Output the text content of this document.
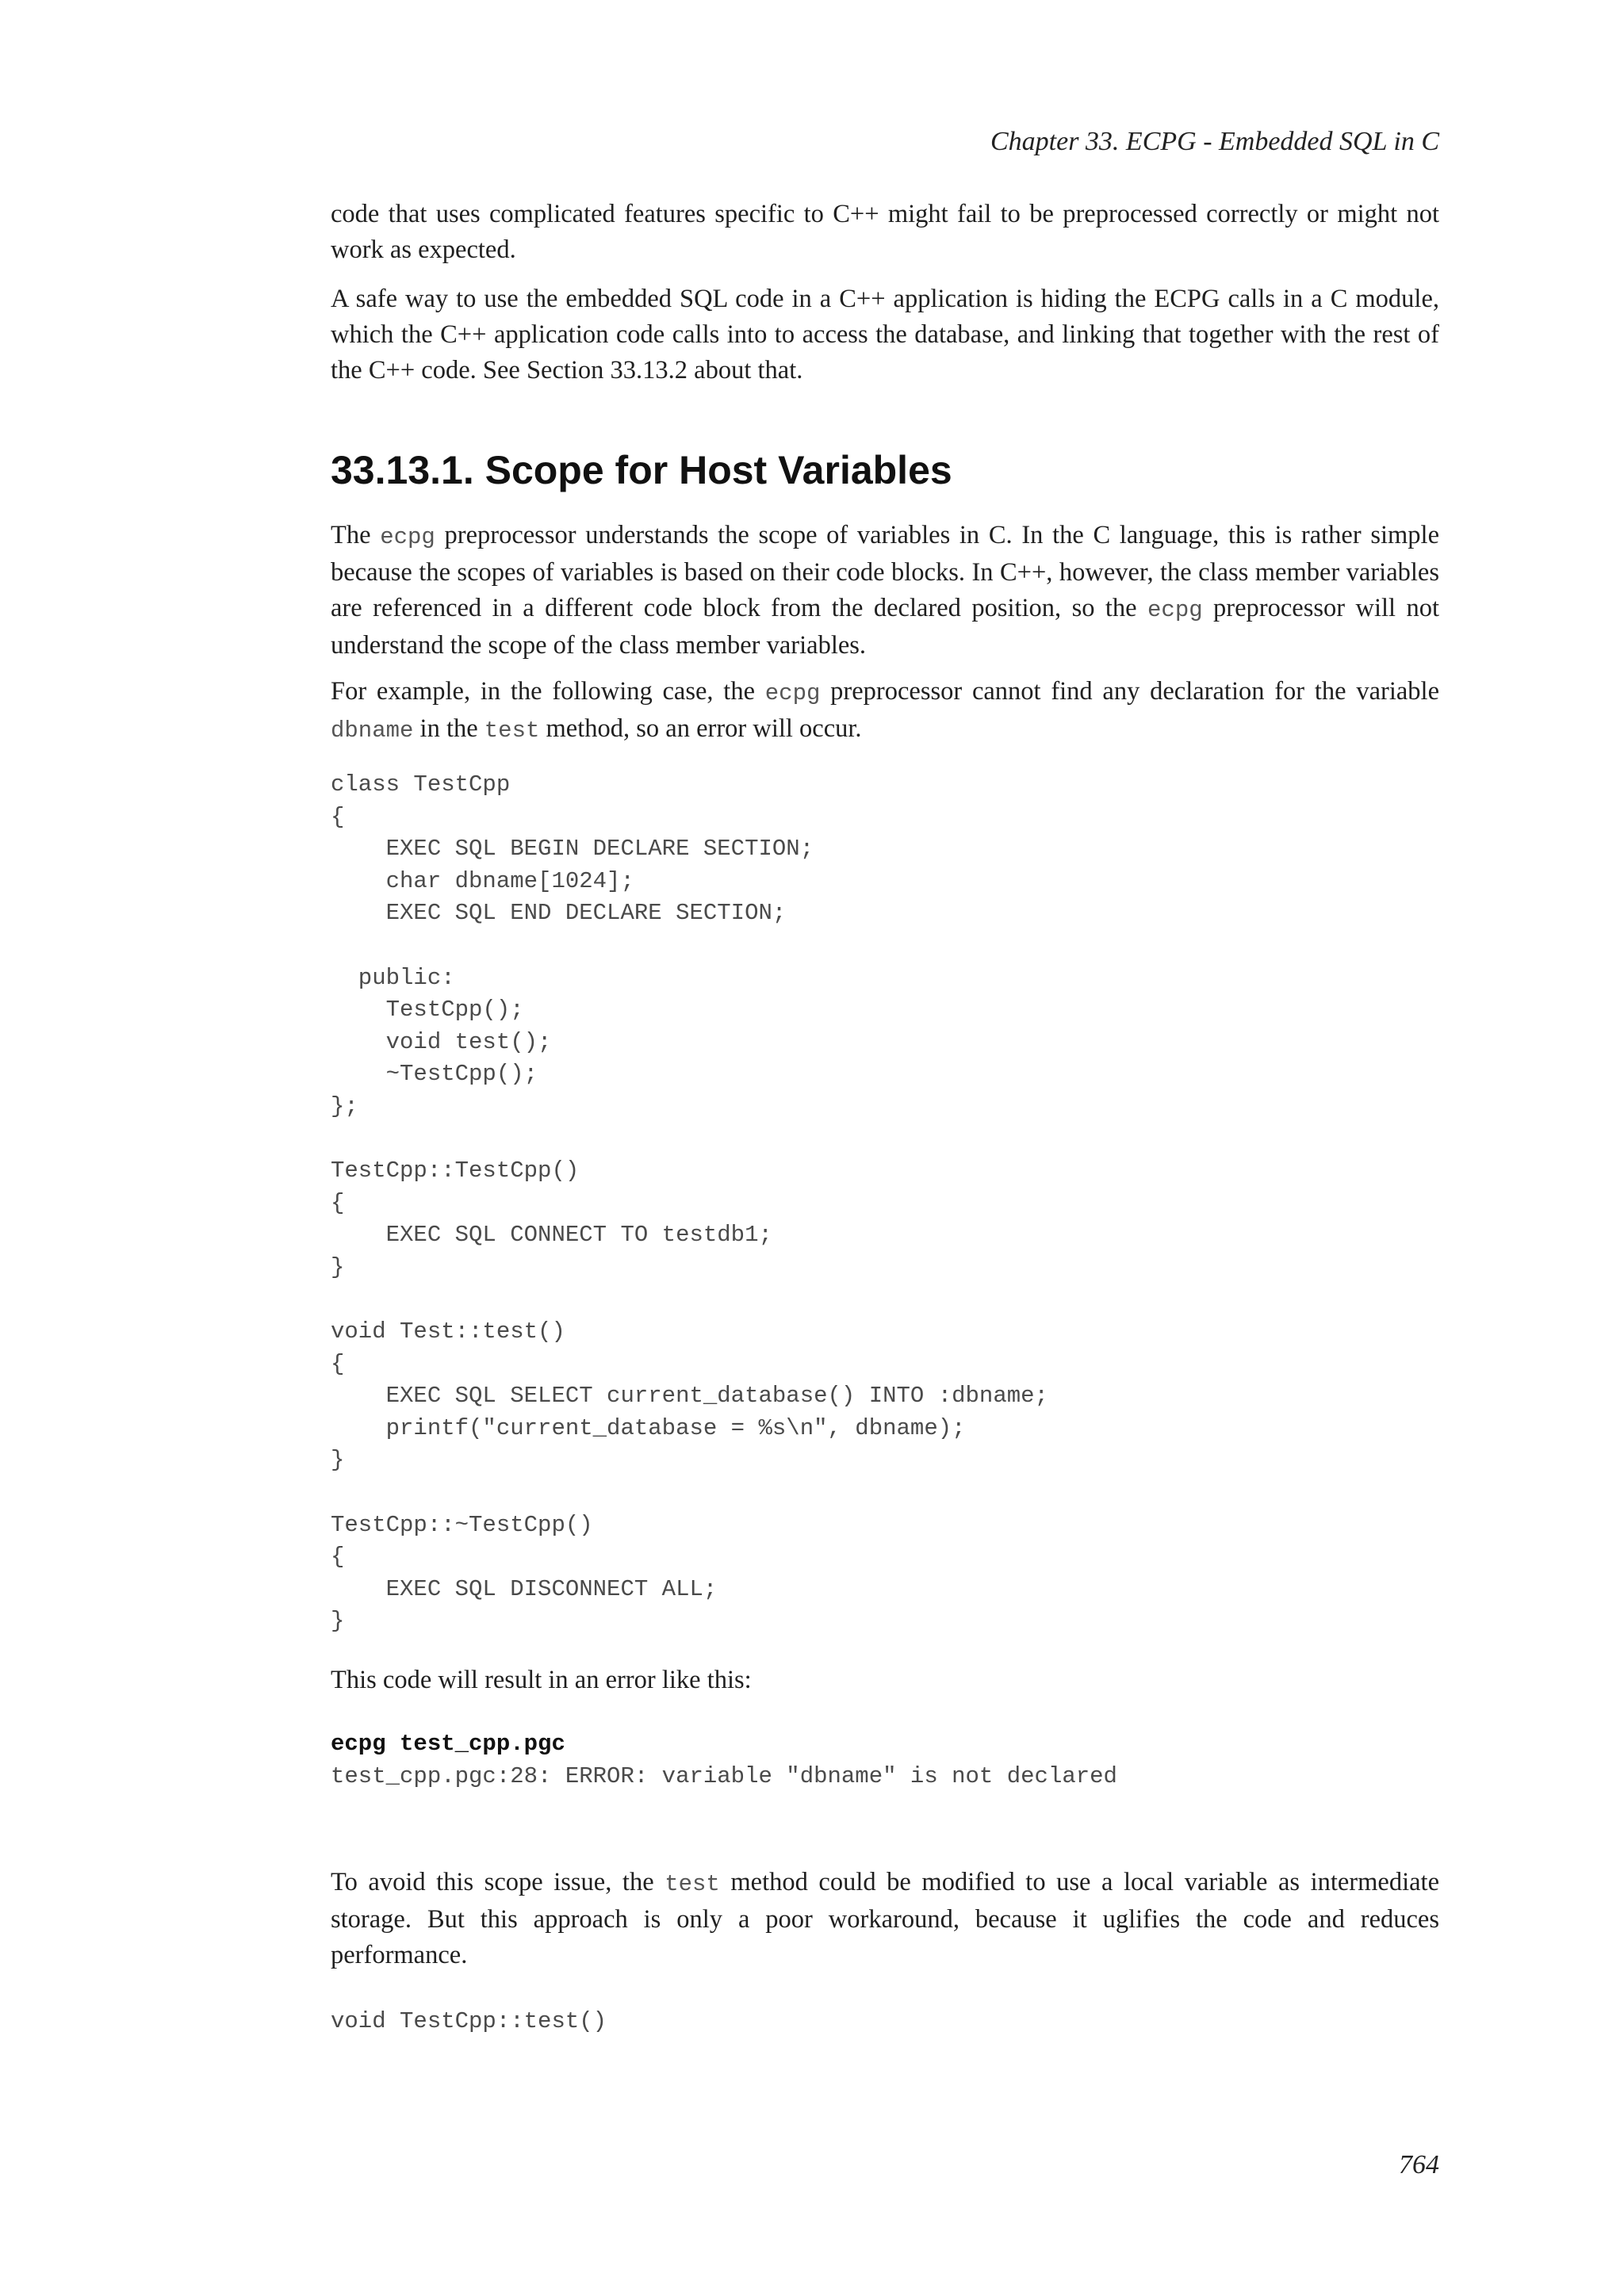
Chapter 33. ECPG - Embedded SQL in C

code that uses complicated features specific to C++ might fail to be preprocessed correctly or might not work as expected.

A safe way to use the embedded SQL code in a C++ application is hiding the ECPG calls in a C module, which the C++ application code calls into to access the database, and linking that together with the rest of the C++ code. See Section 33.13.2 about that.

33.13.1. Scope for Host Variables

The ecpg preprocessor understands the scope of variables in C. In the C language, this is rather simple because the scopes of variables is based on their code blocks. In C++, however, the class member variables are referenced in a different code block from the declared position, so the ecpg preprocessor will not understand the scope of the class member variables.

For example, in the following case, the ecpg preprocessor cannot find any declaration for the variable dbname in the test method, so an error will occur.

class TestCpp
{
EXEC SQL BEGIN DECLARE SECTION;
char dbname[1024];
EXEC SQL END DECLARE SECTION;

public:
TestCpp();
void test();
~TestCpp();
};

TestCpp::TestCpp()
{
EXEC SQL CONNECT TO testdb1;
}

void Test::test()
{
EXEC SQL SELECT current_database() INTO :dbname;
printf("current_database = %s\n", dbname);
}

TestCpp::~TestCpp()
{
EXEC SQL DISCONNECT ALL;
}

This code will result in an error like this:

ecpg test_cpp.pgc
test_cpp.pgc:28: ERROR: variable "dbname" is not declared

To avoid this scope issue, the test method could be modified to use a local variable as intermediate storage. But this approach is only a poor workaround, because it uglifies the code and reduces performance.

void TestCpp::test()
764
